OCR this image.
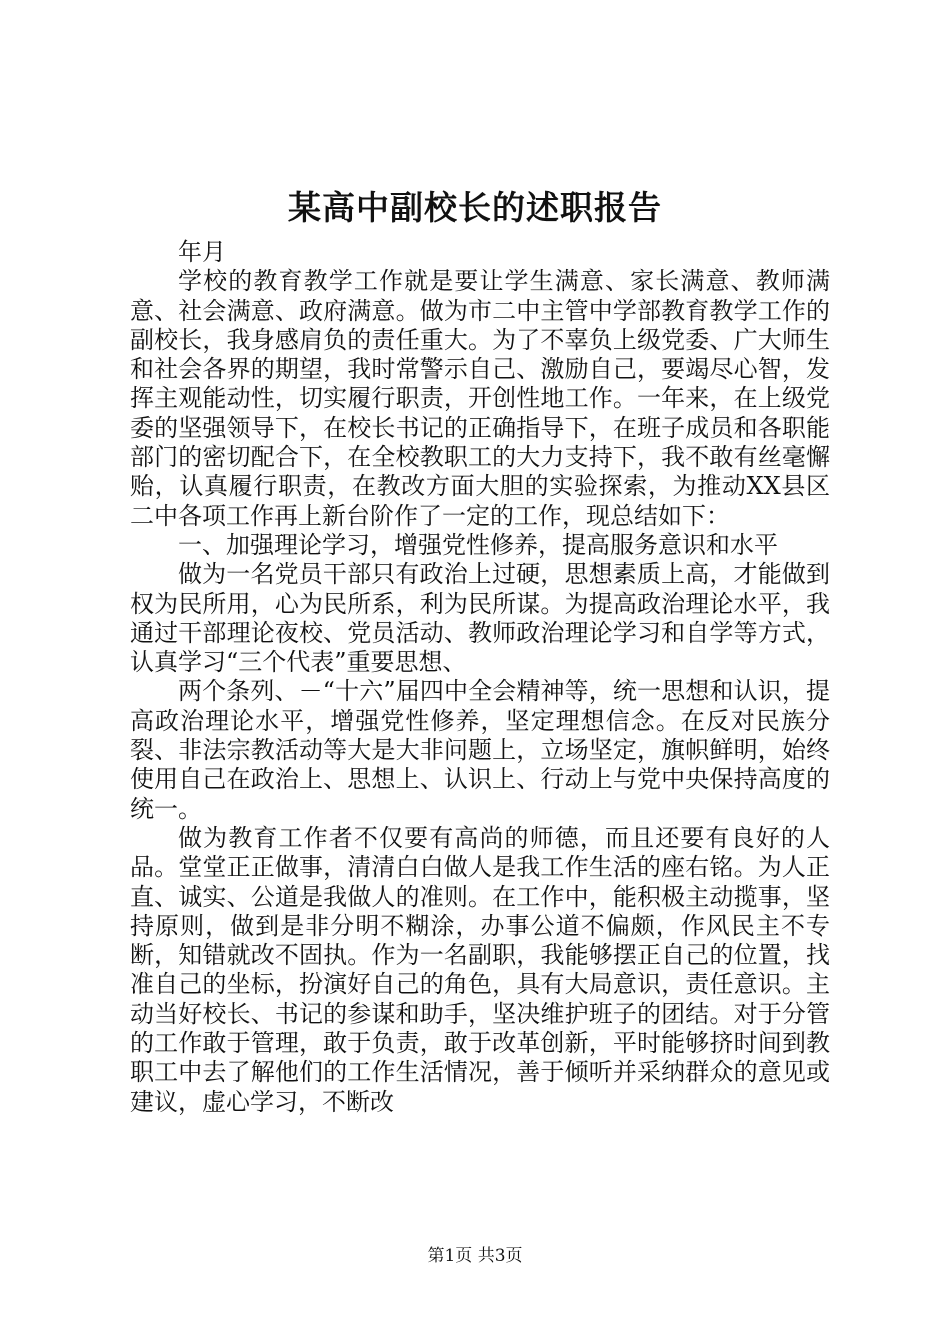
某高中副校长的述职报告

年月

学校的教育教学工作就是要让学生满意、家长满意、教师满意、社会满意、政府满意。做为市二中主管中学部教育教学工作的副校长，我身感肩负的责任重大。为了不辜负上级党委、广大师生和社会各界的期望，我时常警示自己、激励自己，要竭尽心智，发挥主观能动性，切实履行职责，开创性地工作。一年来，在上级党委的坚强领导下，在校长书记的正确指导下，在班子成员和各职能部门的密切配合下，在全校教职工的大力支持下，我不敢有丝毫懈贻，认真履行职责，在教改方面大胆的实验探索，为推动XX县区二中各项工作再上新台阶作了一定的工作，现总结如下：

一、加强理论学习，增强党性修养，提高服务意识和水平

做为一名党员干部只有政治上过硬，思想素质上高，才能做到权为民所用，心为民所系，利为民所谋。为提高政治理论水平，我通过干部理论夜校、党员活动、教师政治理论学习和自学等方式，认真学习“三个代表”重要思想、

两个条列、－“十六”届四中全会精神等，统一思想和认识，提高政治理论水平，增强党性修养，坚定理想信念。在反对民族分裂、非法宗教活动等大是大非问题上，立场坚定，旗帜鲜明，始终使用自己在政治上、思想上、认识上、行动上与党中央保持高度的统一。

做为教育工作者不仅要有高尚的师德，而且还要有良好的人品。堂堂正正做事，清清白白做人是我工作生活的座右铭。为人正直、诚实、公道是我做人的准则。在工作中，能积极主动揽事，坚持原则，做到是非分明不糊涂，办事公道不偏颇，作风民主不专断，知错就改不固执。作为一名副职，我能够摆正自己的位置，找准自己的坐标，扮演好自己的角色，具有大局意识，责任意识。主动当好校长、书记的参谋和助手，坚决维护班子的团结。对于分管的工作敢于管理，敢于负责，敢于改革创新，平时能够挤时间到教职工中去了解他们的工作生活情况，善于倾听并采纳群众的意见或建议，虚心学习，不断改

第1页 共3页
